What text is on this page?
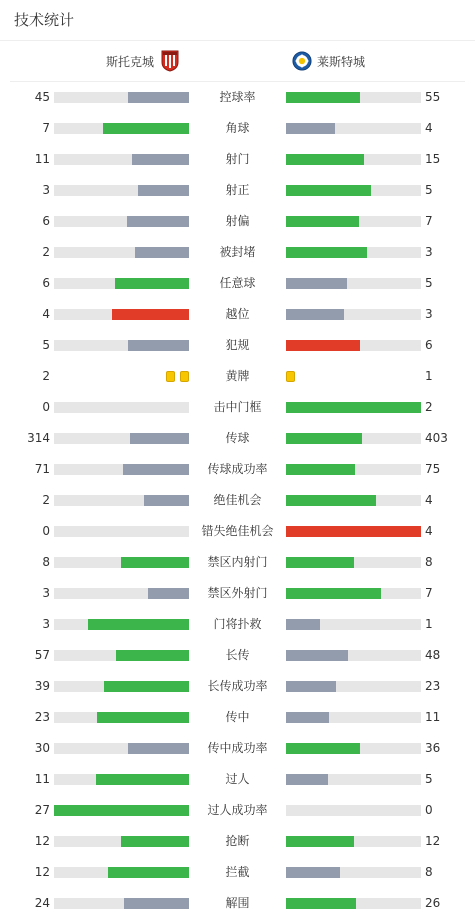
技术统计
斯托克城	莱斯特城
45	控球率	55
7	角球	4
11	射门	15
3	射正	5
6	射偏	7
2	被封堵	3
6	任意球	5
4	越位	3
5	犯规	6
2	黄牌	1
0	击中门框	2
314	传球	403
71	传球成功率	75
2	绝佳机会	4
0	错失绝佳机会	4
8	禁区内射门	8
3	禁区外射门	7
3	门将扑救	1
57	长传	48
39	长传成功率	23
23	传中	11
30	传中成功率	36
11	过人	5
27	过人成功率	0
12	抢断	12
12	拦截	8
24	解围	26
